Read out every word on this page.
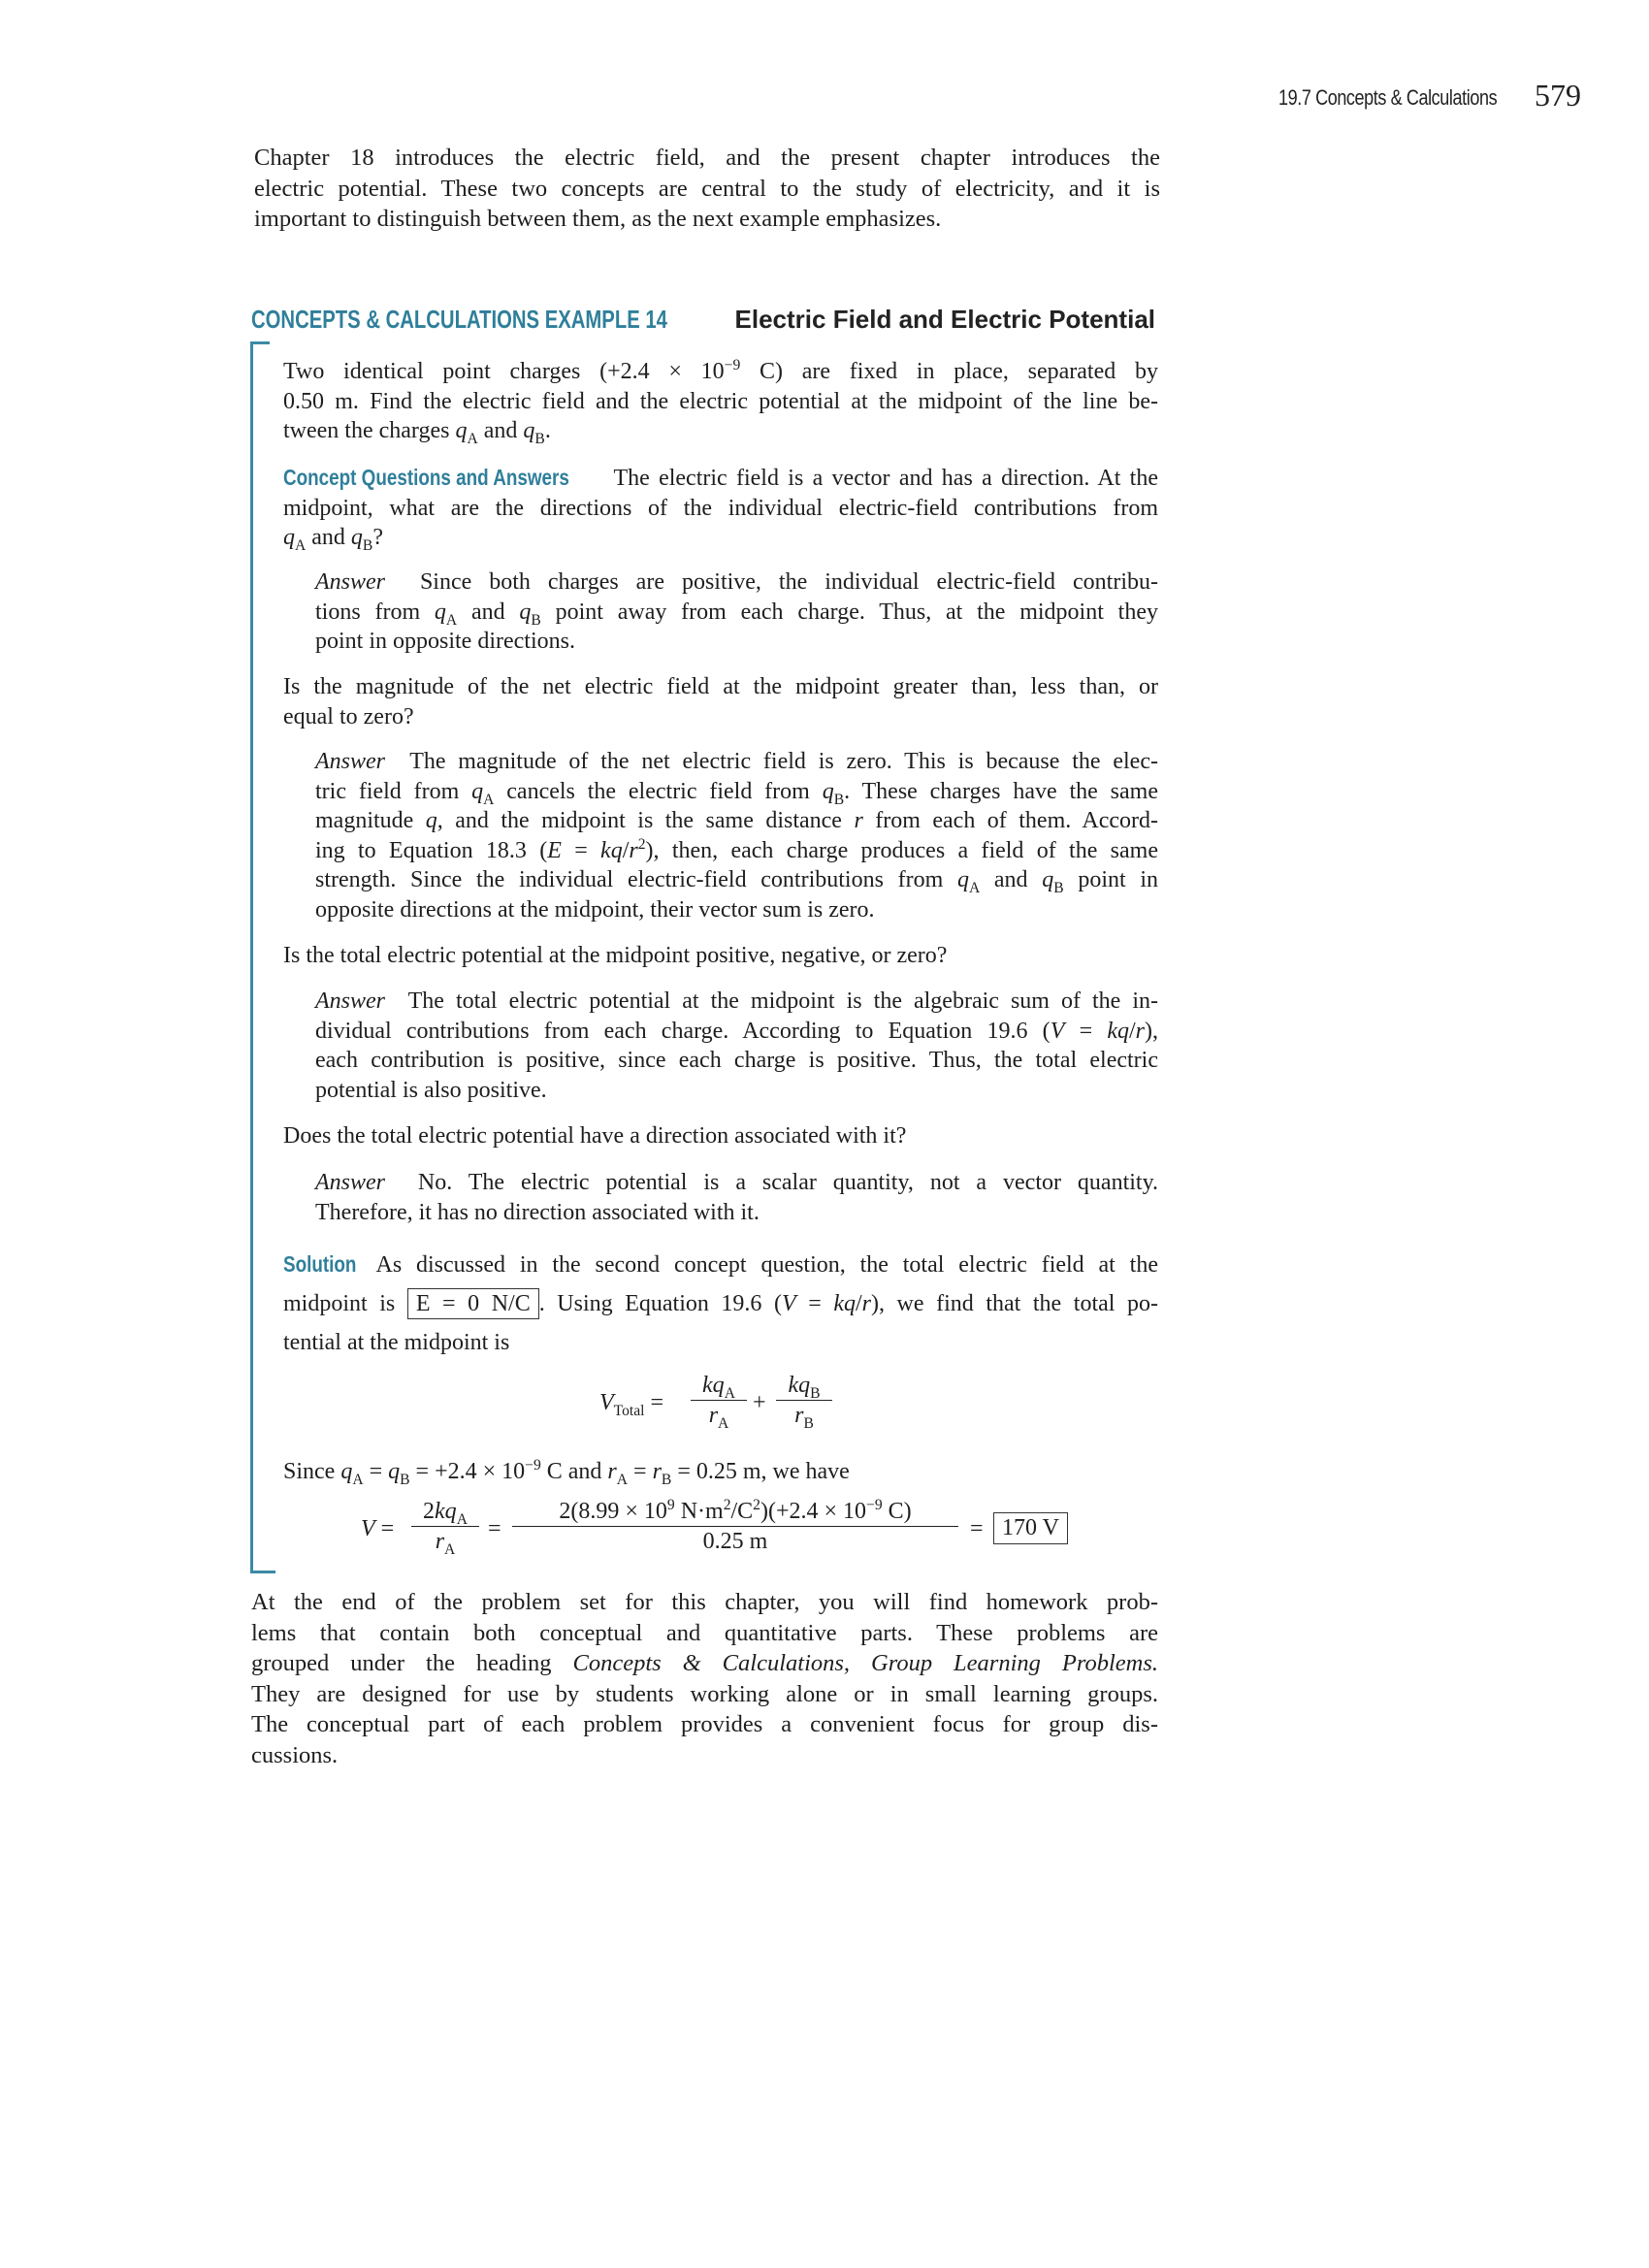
19.7 Concepts & Calculations 579
Chapter 18 introduces the electric field, and the present chapter introduces the
electric potential. These two concepts are central to the study of electricity, and it is
important to distinguish between them, as the next example emphasizes.
CONCEPTS & CALCULATIONS EXAMPLE 14	Electric Field and Electric Potential
Two identical point charges ($+2.4 \times 10^{-9}$ C) are fixed in place, separated by
0.50 m. Find the electric field and the electric potential at the midpoint of the line be-
tween the charges $q_A$ and $q_B$.
Concept Questions and Answers The electric field is a vector and has a direction. At the
midpoint, what are the directions of the individual electric-field contributions from
$q_A$ and $q_B$?
Answer Since both charges are positive, the individual electric-field contribu-
tions from $q_A$ and $q_B$ point away from each charge. Thus, at the midpoint they
point in opposite directions.
Is the magnitude of the net electric field at the midpoint greater than, less than, or
equal to zero?
Answer The magnitude of the net electric field is zero. This is because the elec-
tric field from $q_A$ cancels the electric field from $q_B$. These charges have the same
magnitude q, and the midpoint is the same distance r from each of them. Accord-
ing to Equation 18.3 $(E = kq/r^2)$, then, each charge produces a field of the same
strength. Since the individual electric-field contributions from $q_A$ and $q_B$ point in
opposite directions at the midpoint, their vector sum is zero.
Is the total electric potential at the midpoint positive, negative, or zero?
Answer The total electric potential at the midpoint is the algebraic sum of the in-
dividual contributions from each charge. According to Equation 19.6 (V = kq/r),
each contribution is positive, since each charge is positive. Thus, the total electric
potential is also positive.
Does the total electric potential have a direction associated with it?
Answer No. The electric potential is a scalar quantity, not a vector quantity.
Therefore, it has no direction associated with it.
Solution As discussed in the second concept question, the total electric field at the
midpoint is E = 0 N/C . Using Equation 19.6 (V = kq/r), we find that the total po-
tential at the midpoint is
$V_{Total}$ =
$kq_A$
$r_A$
+
$kq_B$
$r_B$
Since $q_A = q_B = +2.4 \times 10^{-9}$ C and $r_A = r_B = 0.25$ m, we have
V =
$2kq_A$
$r_A$
= $\frac{2(8.99 \times 10^9 N\cdot m^2/C^2)(+2.4 \times 10^{-9} C)}{0.25 m} = 170$ V
At the end of the problem set for this chapter, you will find homework prob-
lems that contain both conceptual and quantitative parts. These problems are
grouped under the heading Concepts & Calculations, Group Learning Problems.
They are designed for use by students working alone or in small learning groups.
The conceptual part of each problem provides a convenient focus for group dis-
cussions.
